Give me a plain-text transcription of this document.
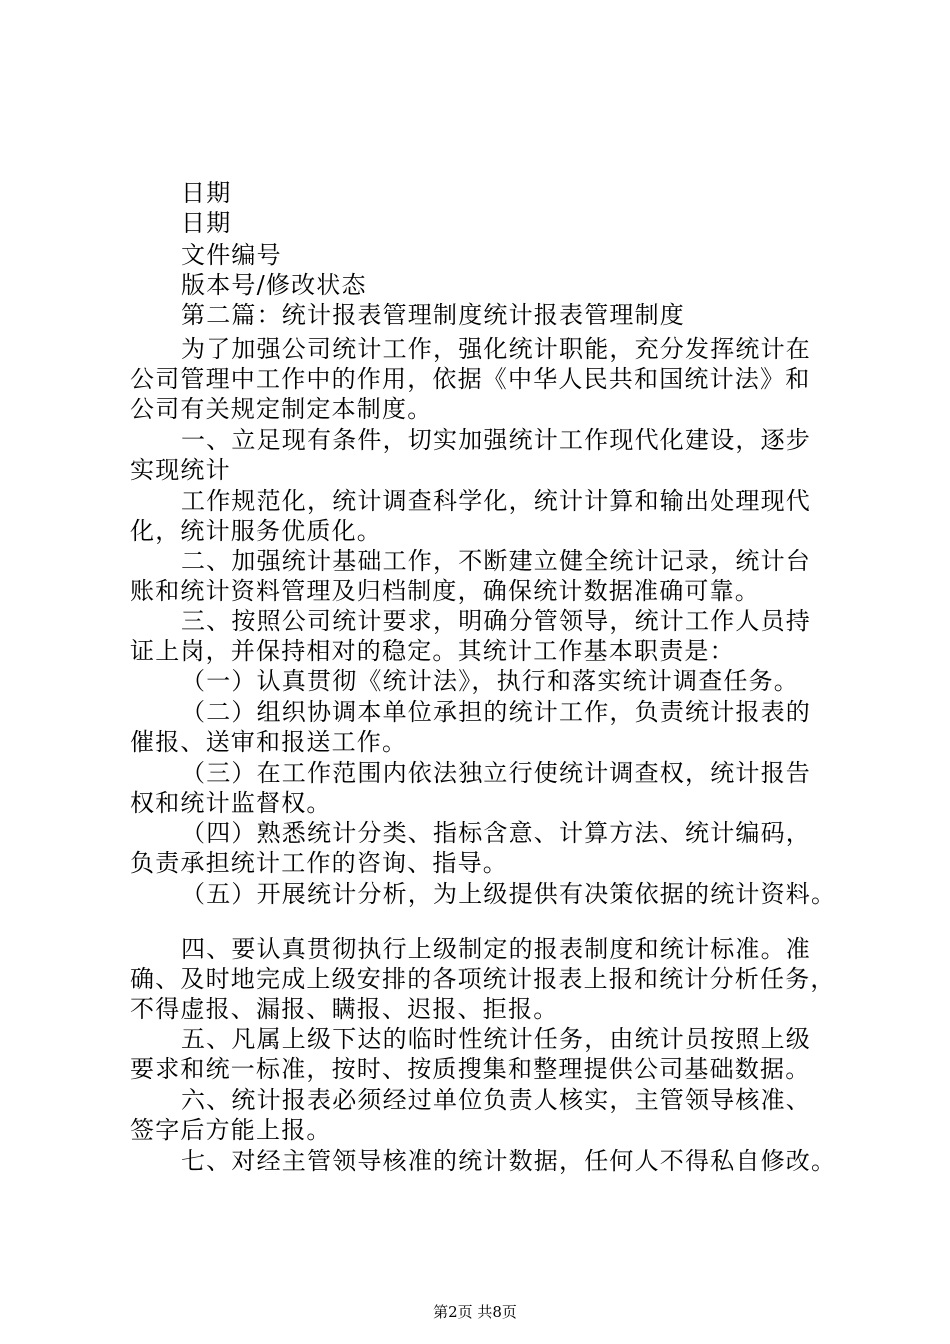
日期
日期
文件编号
版本号/修改状态
第二篇：统计报表管理制度统计报表管理制度
为了加强公司统计工作，强化统计职能，充分发挥统计在
公司管理中工作中的作用，依据《中华人民共和国统计法》和
公司有关规定制定本制度。
一、立足现有条件，切实加强统计工作现代化建设，逐步
实现统计
工作规范化，统计调查科学化，统计计算和输出处理现代
化，统计服务优质化。
二、加强统计基础工作，不断建立健全统计记录，统计台
账和统计资料管理及归档制度，确保统计数据准确可靠。
三、按照公司统计要求，明确分管领导，统计工作人员持
证上岗，并保持相对的稳定。其统计工作基本职责是：
（一）认真贯彻《统计法》，执行和落实统计调查任务。
（二）组织协调本单位承担的统计工作，负责统计报表的
催报、送审和报送工作。
（三）在工作范围内依法独立行使统计调查权，统计报告
权和统计监督权。
（四）熟悉统计分类、指标含意、计算方法、统计编码，
负责承担统计工作的咨询、指导。
（五）开展统计分析，为上级提供有决策依据的统计资料。
四、要认真贯彻执行上级制定的报表制度和统计标准。准
确、及时地完成上级安排的各项统计报表上报和统计分析任务，
不得虚报、漏报、瞒报、迟报、拒报。
五、凡属上级下达的临时性统计任务，由统计员按照上级
要求和统一标准，按时、按质搜集和整理提供公司基础数据。
六、统计报表必须经过单位负责人核实，主管领导核准、
签字后方能上报。
七、对经主管领导核准的统计数据，任何人不得私自修改。
第2页 共8页
